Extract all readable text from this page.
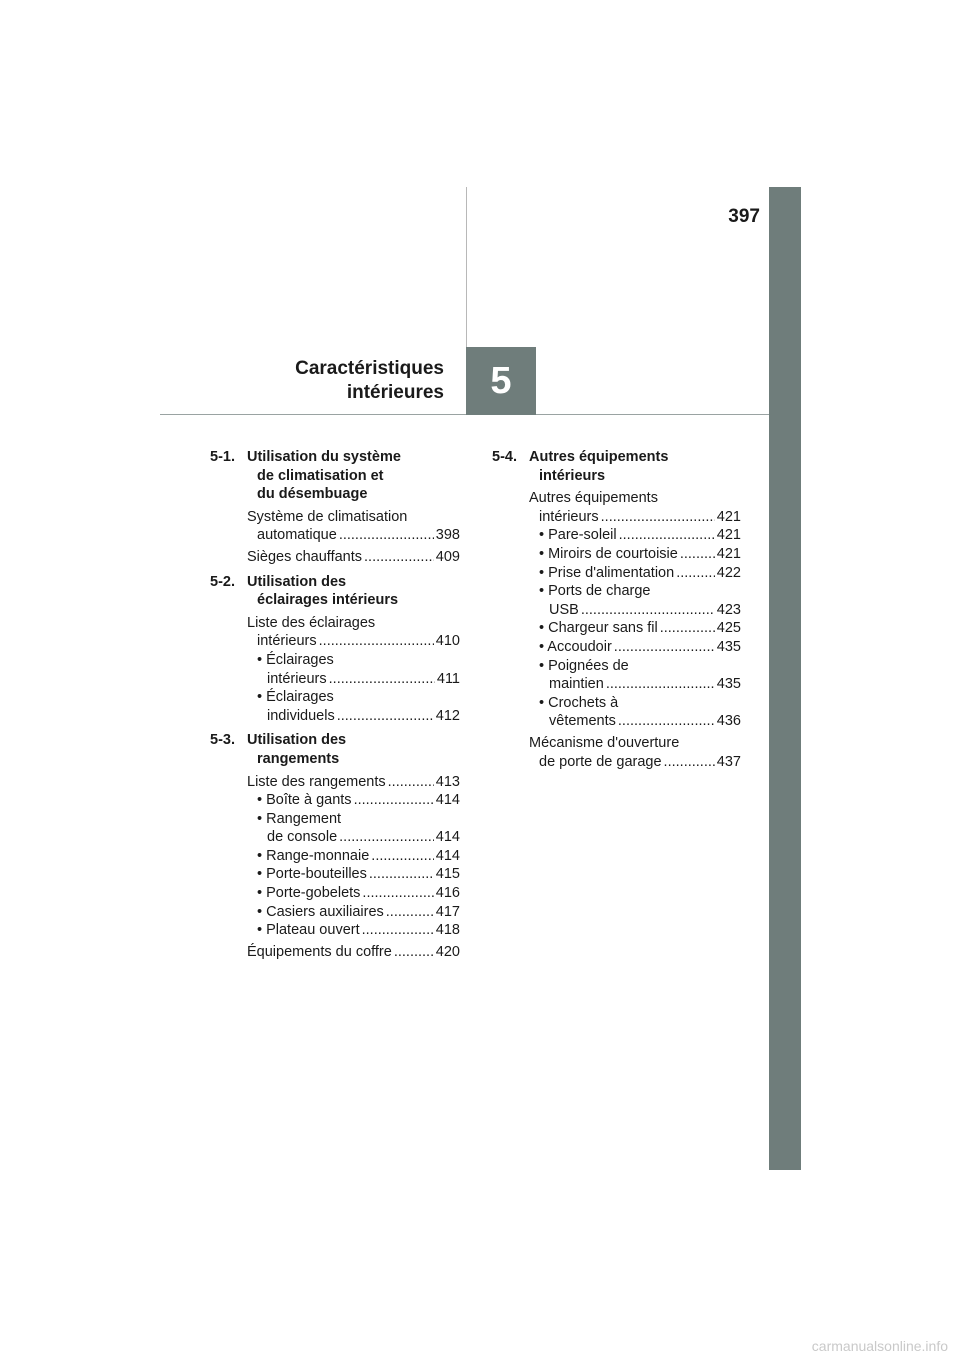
397
5
Caractéristiques
intérieures
5-1. Utilisation du système
de climatisation et
du désembuage
Système de climatisation
automatique .....	398
Sièges chauffants .....	409
5-2. Utilisation des
éclairages intérieurs
Liste des éclairages
intérieurs .....	410
• Éclairages
intérieurs .....	411
• Éclairages
individuels .....	412
5-3. Utilisation des
rangements
Liste des rangements .....	413
• Boîte à gants .....	414
• Rangement
de console .....	414
• Range-monnaie .....	414
• Porte-bouteilles .....	415
• Porte-gobelets .....	416
• Casiers auxiliaires .....	417
• Plateau ouvert .....	418
Équipements du coffre .....	420
5-4. Autres équipements
intérieurs
Autres équipements
intérieurs .....	421
• Pare-soleil .....	421
• Miroirs de courtoisie .....	421
• Prise d'alimentation .....	422
• Ports de charge
USB .....	423
• Chargeur sans fil .....	425
• Accoudoir .....	435
• Poignées de
maintien .....	435
• Crochets à
vêtements .....	436
Mécanisme d'ouverture
de porte de garage .....	437
carmanualsonline.info
